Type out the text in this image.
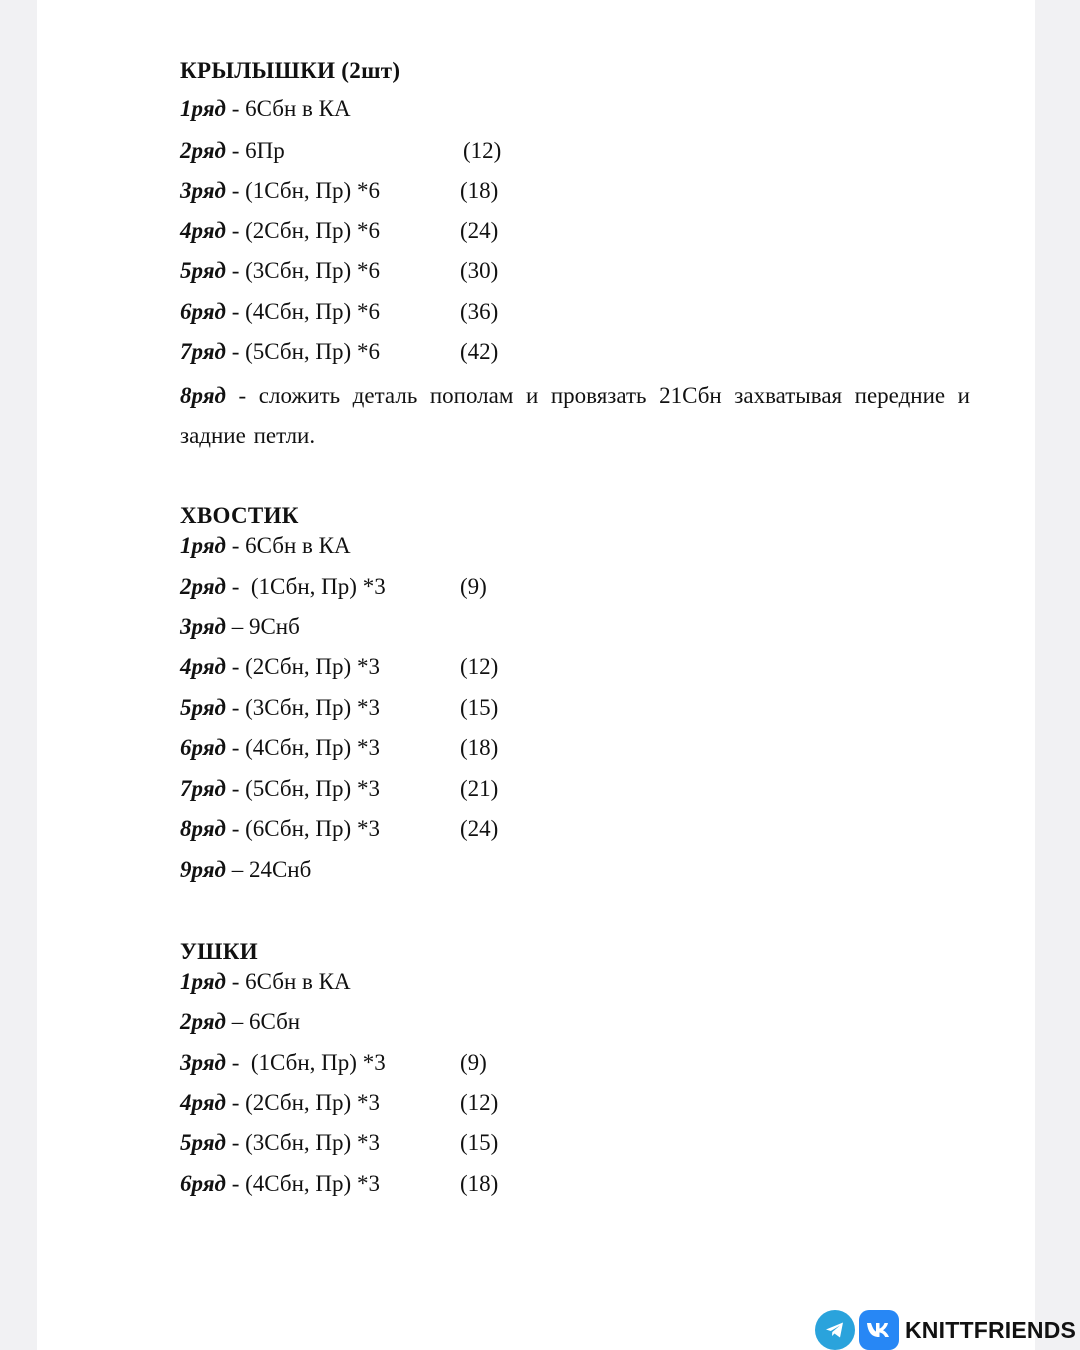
КРЫЛЫШКИ (2шт)
1ряд - 6Сбн в КА
2ряд - 6Пр	(12)
3ряд - (1Сбн, Пр) *6	(18)
4ряд - (2Сбн, Пр) *6	(24)
5ряд - (3Сбн, Пр) *6	(30)
6ряд - (4Сбн, Пр) *6	(36)
7ряд - (5Сбн, Пр) *6	(42)
8ряд - сложить деталь пополам и провязать 21Сбн захватывая передние и
задние петли.
ХВОСТИК
1ряд - 6Сбн в КА
2ряд -  (1Сбн, Пр) *3	(9)
3ряд – 9Снб
4ряд - (2Сбн, Пр) *3	(12)
5ряд - (3Сбн, Пр) *3	(15)
6ряд - (4Сбн, Пр) *3	(18)
7ряд - (5Сбн, Пр) *3	(21)
8ряд - (6Сбн, Пр) *3	(24)
9ряд – 24Снб
УШКИ
1ряд - 6Сбн в КА
2ряд – 6Сбн
3ряд -  (1Сбн, Пр) *3	(9)
4ряд - (2Сбн, Пр) *3	(12)
5ряд - (3Сбн, Пр) *3	(15)
6ряд - (4Сбн, Пр) *3	(18)
KNITTFRIENDS
